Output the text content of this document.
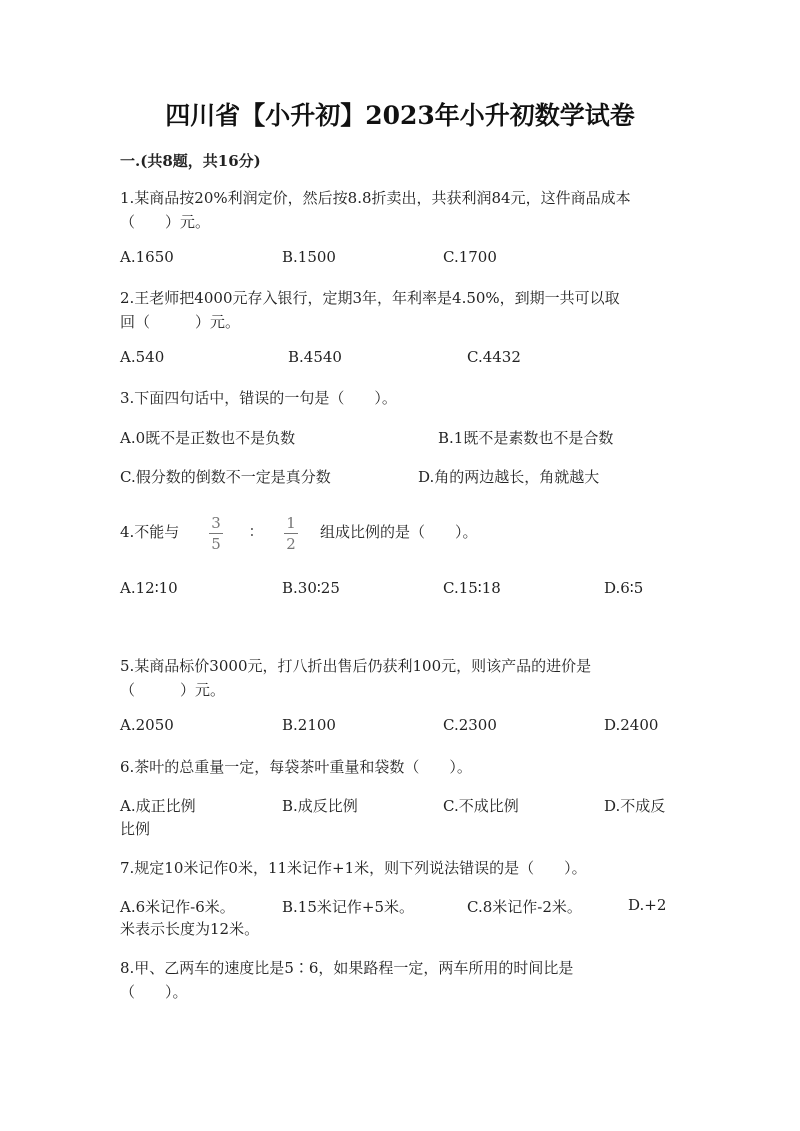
四川省【小升初】2023年小升初数学试卷
一.(共8题，共16分)
1.某商品按20%利润定价，然后按8.8折卖出，共获利润84元，这件商品成本
（　　）元。
A.1650	B.1500	C.1700
2.王老师把4000元存入银行，定期3年，年利率是4.50%，到期一共可以取
回（　　　）元。
A.540	B.4540	C.4432
3.下面四句话中，错误的一句是（　　）。
A.0既不是正数也不是负数	B.1既不是素数也不是合数
C.假分数的倒数不一定是真分数	D.角的两边越长，角就越大
4.不能与 3
5
∶ 1
2
组成比例的是（　　）。
A.12∶10	B.30∶25	C.15∶18	D.6∶5
5.某商品标价3000元，打八折出售后仍获利100元，则该产品的进价是
（　　　）元。
A.2050	B.2100	C.2300	D.2400
6.茶叶的总重量一定，每袋茶叶重量和袋数（　　）。
A.成正比例	B.成反比例	C.不成比例	D.不成反
比例
7.规定10米记作0米，11米记作+1米，则下列说法错误的是（　　）。
A.6米记作-6米。	B.15米记作+5米。	C.8米记作-2米。	D.+2
米表示长度为12米。
8.甲、乙两车的速度比是5∶6，如果路程一定，两车所用的时间比是
（　　）。
